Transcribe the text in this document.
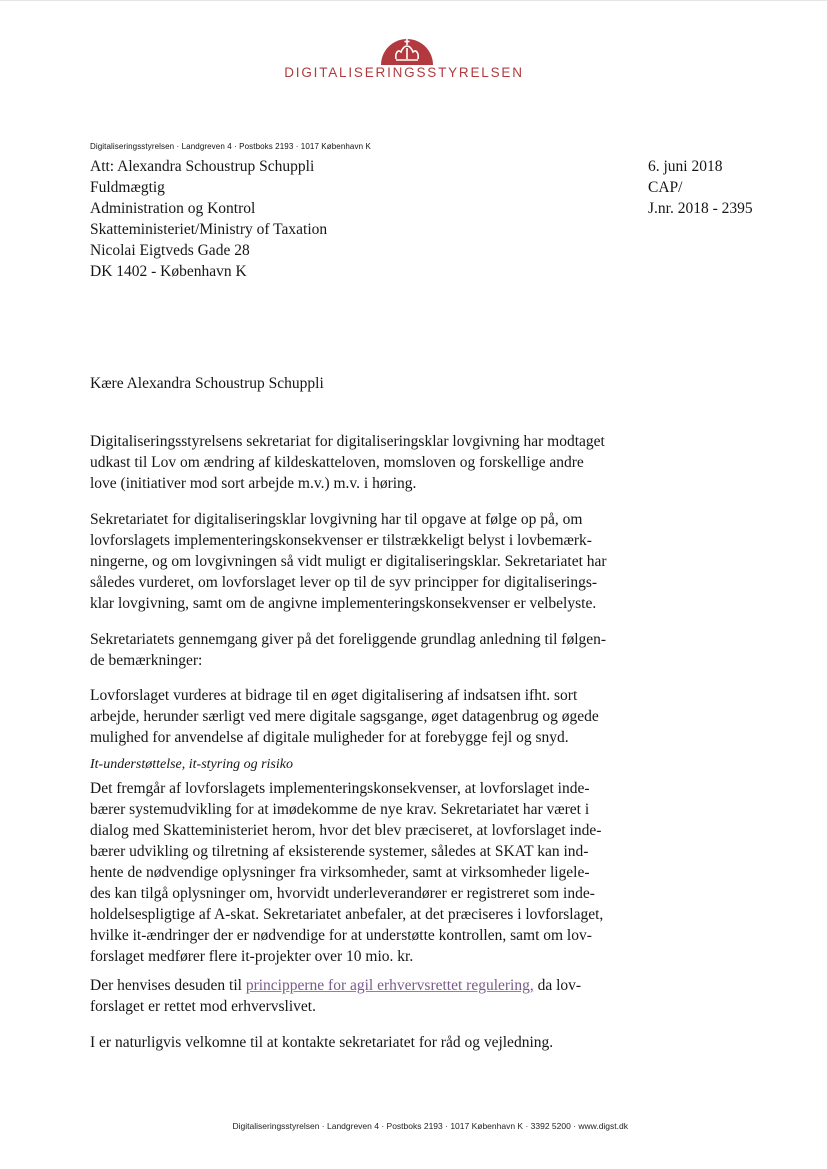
DIGITALISERINGSSTYRELSEN
Digitaliseringsstyrelsen · Landgreven 4 · Postboks 2193 · 1017 København K
Att: Alexandra Schoustrup Schuppli
Fuldmægtig
Administration og Kontrol
Skatteministeriet/Ministry of Taxation
Nicolai Eigtveds Gade 28
DK 1402 - København K
6. juni 2018
CAP/
J.nr. 2018 - 2395
Kære Alexandra Schoustrup Schuppli

Digitaliseringsstyrelsens sekretariat for digitaliseringsklar lovgivning har modtaget
udkast til Lov om ændring af kildeskatteloven, momsloven og forskellige andre
love (initiativer mod sort arbejde m.v.) m.v. i høring.

Sekretariatet for digitaliseringsklar lovgivning har til opgave at følge op på, om
lovforslagets implementeringskonsekvenser er tilstrækkeligt belyst i lovbemærk-
ningerne, og om lovgivningen så vidt muligt er digitaliseringsklar. Sekretariatet har
således vurderet, om lovforslaget lever op til de syv principper for digitaliserings-
klar lovgivning, samt om de angivne implementeringskonsekvenser er velbelyste.

Sekretariatets gennemgang giver på det foreliggende grundlag anledning til følgen-
de bemærkninger:

Lovforslaget vurderes at bidrage til en øget digitalisering af indsatsen ifht. sort
arbejde, herunder særligt ved mere digitale sagsgange, øget datagenbrug og øgede
mulighed for anvendelse af digitale muligheder for at forebygge fejl og snyd.

It-understøttelse, it-styring og risiko

Det fremgår af lovforslagets implementeringskonsekvenser, at lovforslaget inde-
bærer systemudvikling for at imødekomme de nye krav. Sekretariatet har været i
dialog med Skatteministeriet herom, hvor det blev præciseret, at lovforslaget inde-
bærer udvikling og tilretning af eksisterende systemer, således at SKAT kan ind-
hente de nødvendige oplysninger fra virksomheder, samt at virksomheder ligele-
des kan tilgå oplysninger om, hvorvidt underleverandører er registreret som inde-
holdelsespligtige af A-skat. Sekretariatet anbefaler, at det præciseres i lovforslaget,
hvilke it-ændringer der er nødvendige for at understøtte kontrollen, samt om lov-
forslaget medfører flere it-projekter over 10 mio. kr.

Der henvises desuden til principperne for agil erhvervsrettet regulering, da lov-
forslaget er rettet mod erhvervslivet.

I er naturligvis velkomne til at kontakte sekretariatet for råd og vejledning.

Digitaliseringsstyrelsen · Landgreven 4 · Postboks 2193 · 1017 København K · 3392 5200 · www.digst.dk
